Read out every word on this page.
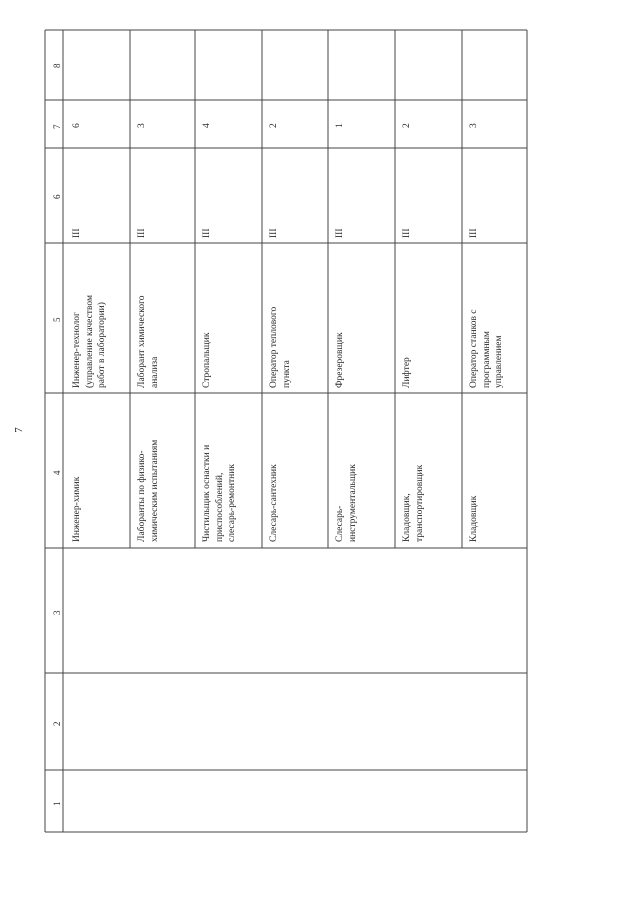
7
8
7
6
5
4
3
2
1
Инженер-химик
Инженер-технолог (управление качеством работ в лаборатории)
III
6
Лаборанты по физико- химическим испытаниям
Лаборант химического анализа
III
3
Чистильщик оснастки и приспособлений, слесарь-ремонтник
Стропальщик
III
4
Слесарь-сантехник
Оператор теплового пункта
III
2
Слесарь- инструментальщик
Фрезеровщик
III
1
Кладовщик, транспортировщик
Лифтер
III
2
Кладовщик
Оператор станков с программным управлением
III
3
